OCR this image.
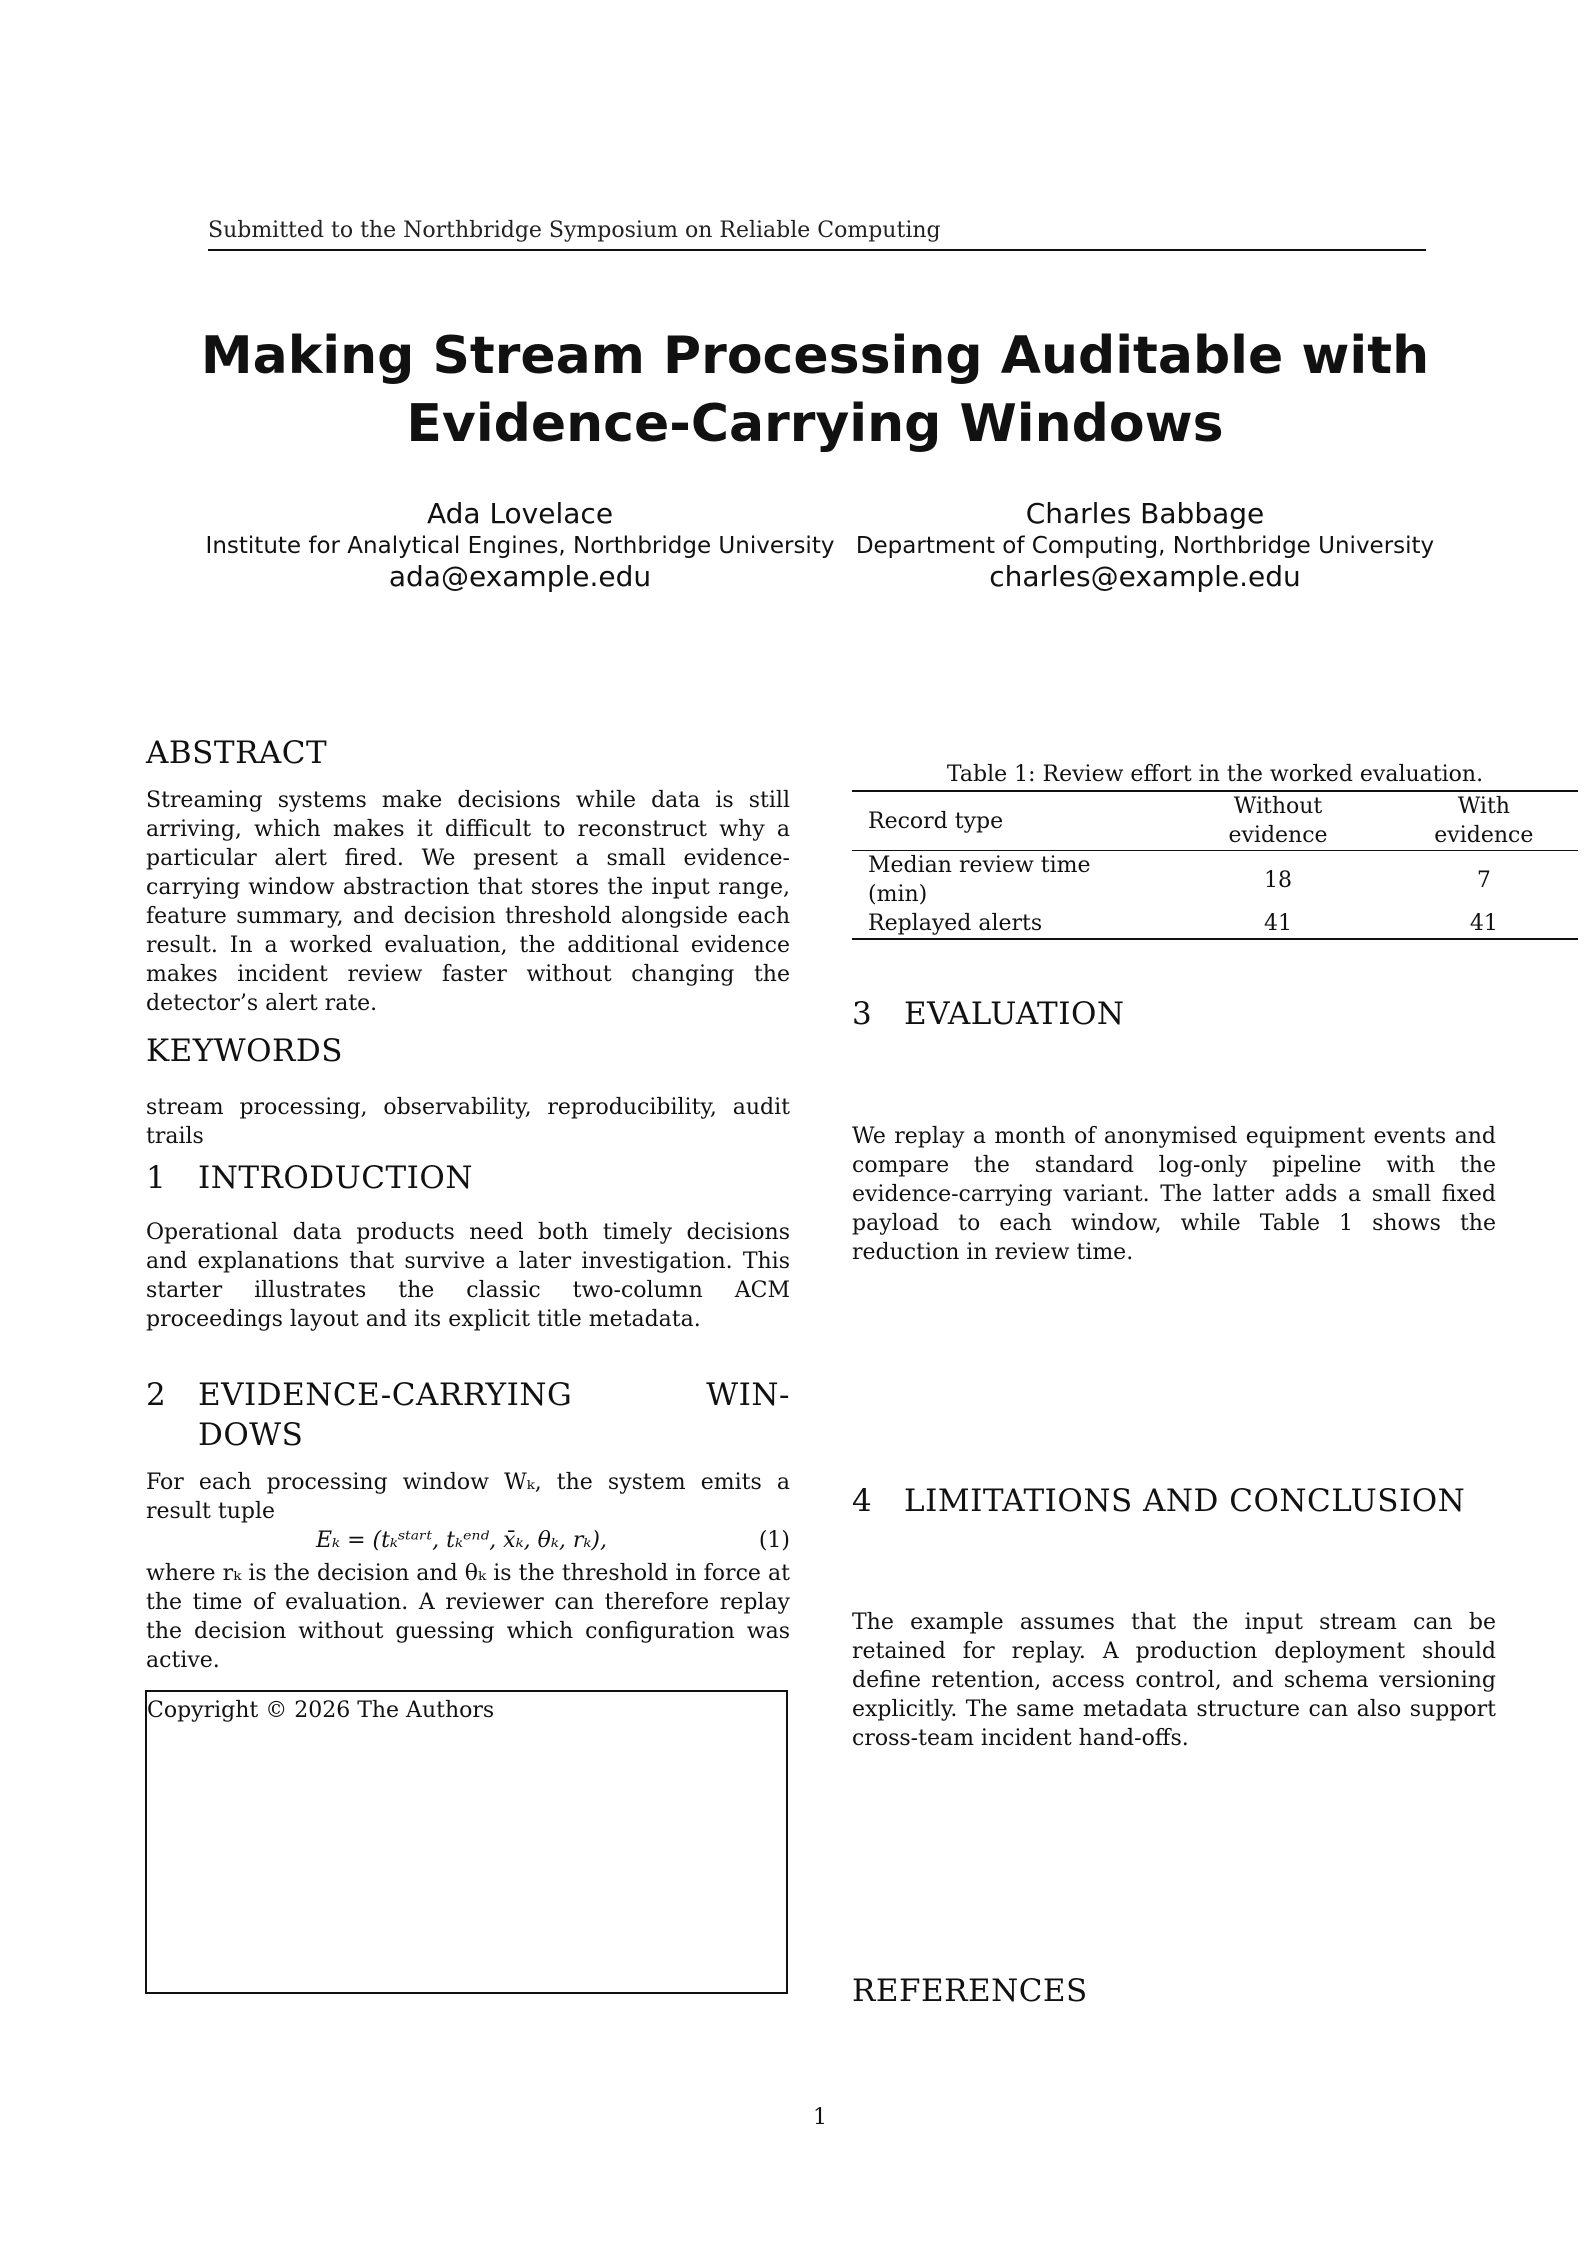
Submitted to the Northbridge Symposium on Reliable Computing
Making Stream Processing Auditable with
Evidence-Carrying Windows
Ada Lovelace
Institute for Analytical Engines, Northbridge University
ada@example.edu
Charles Babbage
Department of Computing, Northbridge University
charles@example.edu
ABSTRACT
Streaming systems make decisions while data is still arriving, which makes it difficult to reconstruct why a particular alert fired. We present a small evidence-carrying window abstraction that stores the input range, feature summary, and decision threshold alongside each result. In a worked evaluation, the additional evidence makes incident review faster without changing the detector’s alert rate.
KEYWORDS
stream processing, observability, reproducibility, audit trails
1 INTRODUCTION
Operational data products need both timely decisions and explanations that survive a later investigation. This starter illustrates the classic two-column ACM proceedings layout and its explicit title metadata.
2 EVIDENCE-CARRYING	WIN-
DOWS
For each processing window Wₖ, the system emits a result tuple
Eₖ = (tₖˢᵗᵃʳᵗ, tₖᵉⁿᵈ, x̄ₖ, θₖ, rₖ),	(1)
where rₖ is the decision and θₖ is the threshold in force at the time of evaluation. A reviewer can therefore replay the decision without guessing which configuration was active.
Copyright © 2026 The Authors
Table 1: Review effort in the worked evaluation.
Record type	Without evidence	With evidence
Median review time (min)	18	7
Replayed alerts	41	41
3 EVALUATION
We replay a month of anonymised equipment events and compare the standard log-only pipeline with the evidence-carrying variant. The latter adds a small fixed payload to each window, while Table 1 shows the reduction in review time.
4 LIMITATIONS AND CONCLUSION
The example assumes that the input stream can be retained for replay. A production deployment should define retention, access control, and schema versioning explicitly. The same metadata structure can also support cross-team incident hand-offs.
REFERENCES
1
